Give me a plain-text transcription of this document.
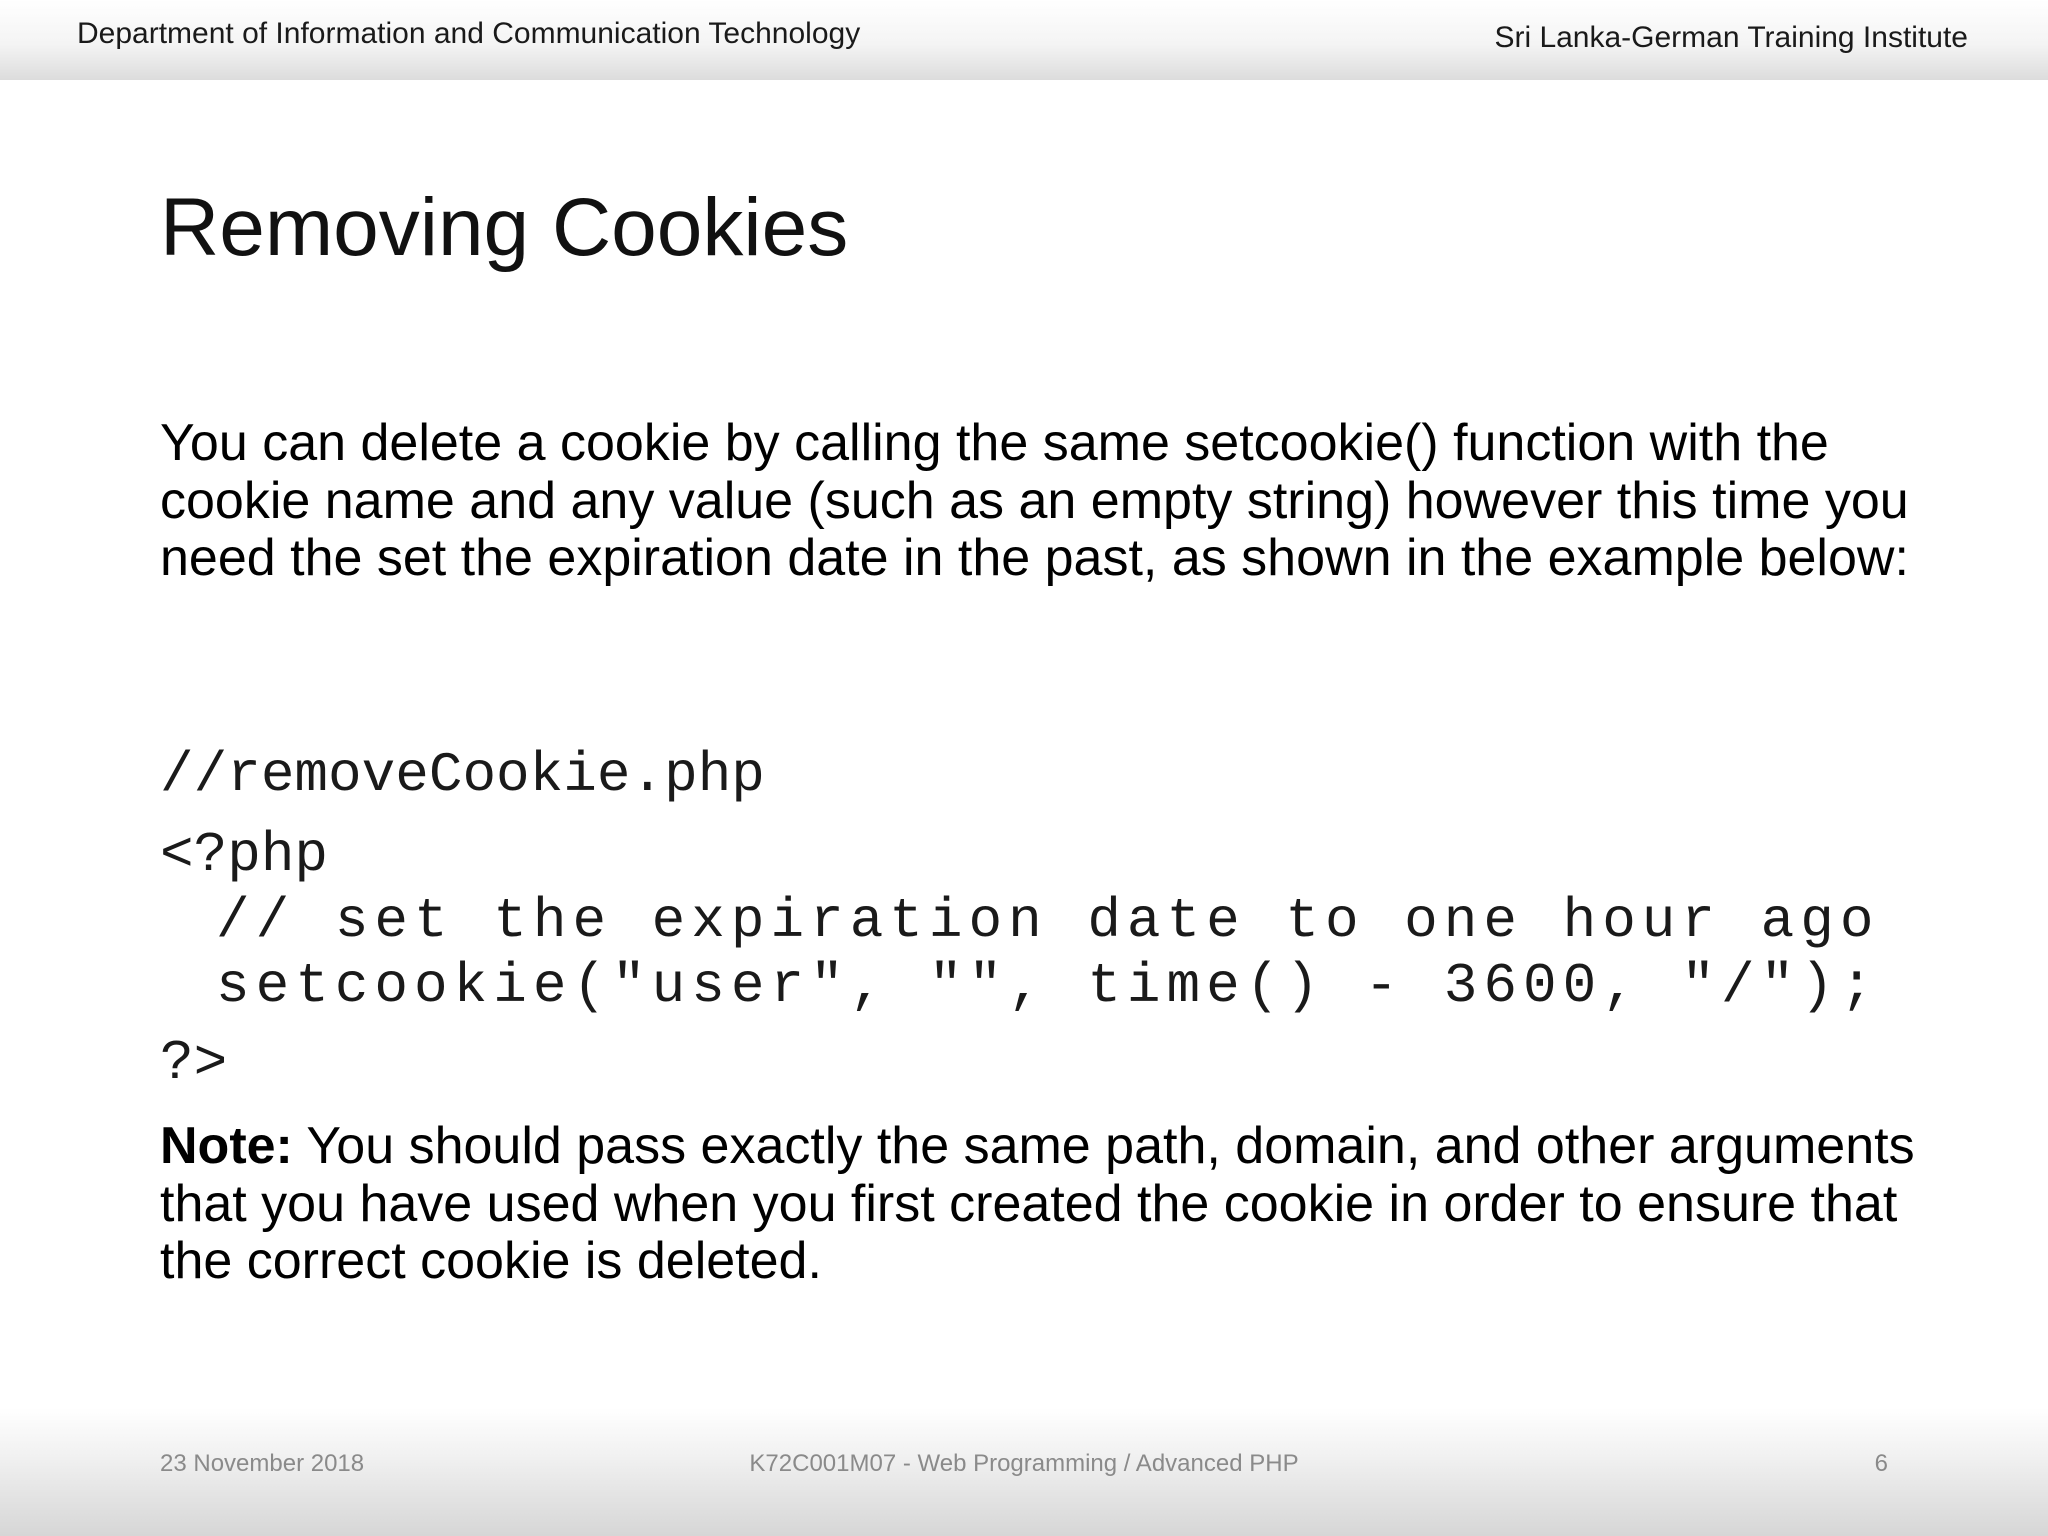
Department of Information and Communication Technology	Sri Lanka-German Training Institute
Removing Cookies

You can delete a cookie by calling the same setcookie() function with the cookie name and any value (such as an empty string) however this time you need the set the expiration date in the past, as shown in the example below:

//removeCookie.php

<?php

// set the expiration date to one hour ago

setcookie("user", "", time() - 3600, "/");

?>

Note: You should pass exactly the same path, domain, and other arguments that you have used when you first created the cookie in order to ensure that the correct cookie is deleted.

23 November 2018	K72C001M07 - Web Programming / Advanced PHP	6
